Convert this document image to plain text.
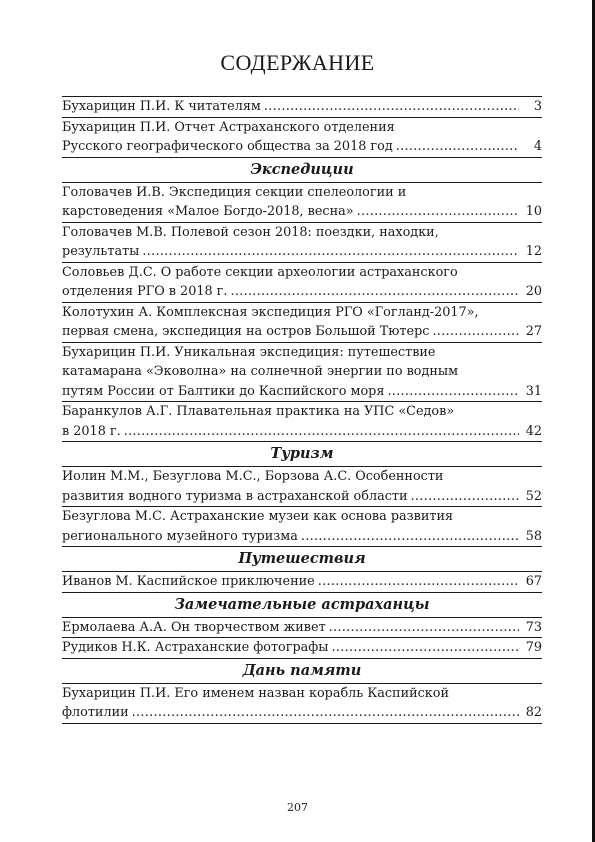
СОДЕРЖАНИЕ
Бухарицин П.И. К читателям .....	3
Бухарицин П.И. Отчет Астраханского отделения
Русского географического общества за 2018 год .....	4
Экспедиции
Головачев И.В. Экспедиция секции спелеологии и
карстоведения «Малое Богдо-2018, весна» .....	10
Головачев М.В. Полевой сезон 2018: поездки, находки,
результаты .....	12
Соловьев Д.С. О работе секции археологии астраханского
отделения РГО в 2018 г. .....	20
Колотухин А. Комплексная экспедиция РГО «Гогланд-2017»,
первая смена, экспедиция на остров Большой Тютерс .....	27
Бухарицин П.И. Уникальная экспедиция: путешествие
катамарана «Эковолна» на солнечной энергии по водным
путям России от Балтики до Каспийского моря .....	31
Баранкулов А.Г. Плавательная практика на УПС «Седов»
в 2018 г. .....	42
Туризм
Иолин М.М., Безуглова М.С., Борзова А.С. Особенности
развития водного туризма в астраханской области .....	52
Безуглова М.С. Астраханские музеи как основа развития
регионального музейного туризма .....	58
Путешествия
Иванов М. Каспийское приключение .....	67
Замечательные астраханцы
Ермолаева А.А. Он творчеством живет .....	73
Рудиков Н.К. Астраханские фотографы .....	79
Дань памяти
Бухарицин П.И. Его именем назван корабль Каспийской
флотилии .....	82
207
